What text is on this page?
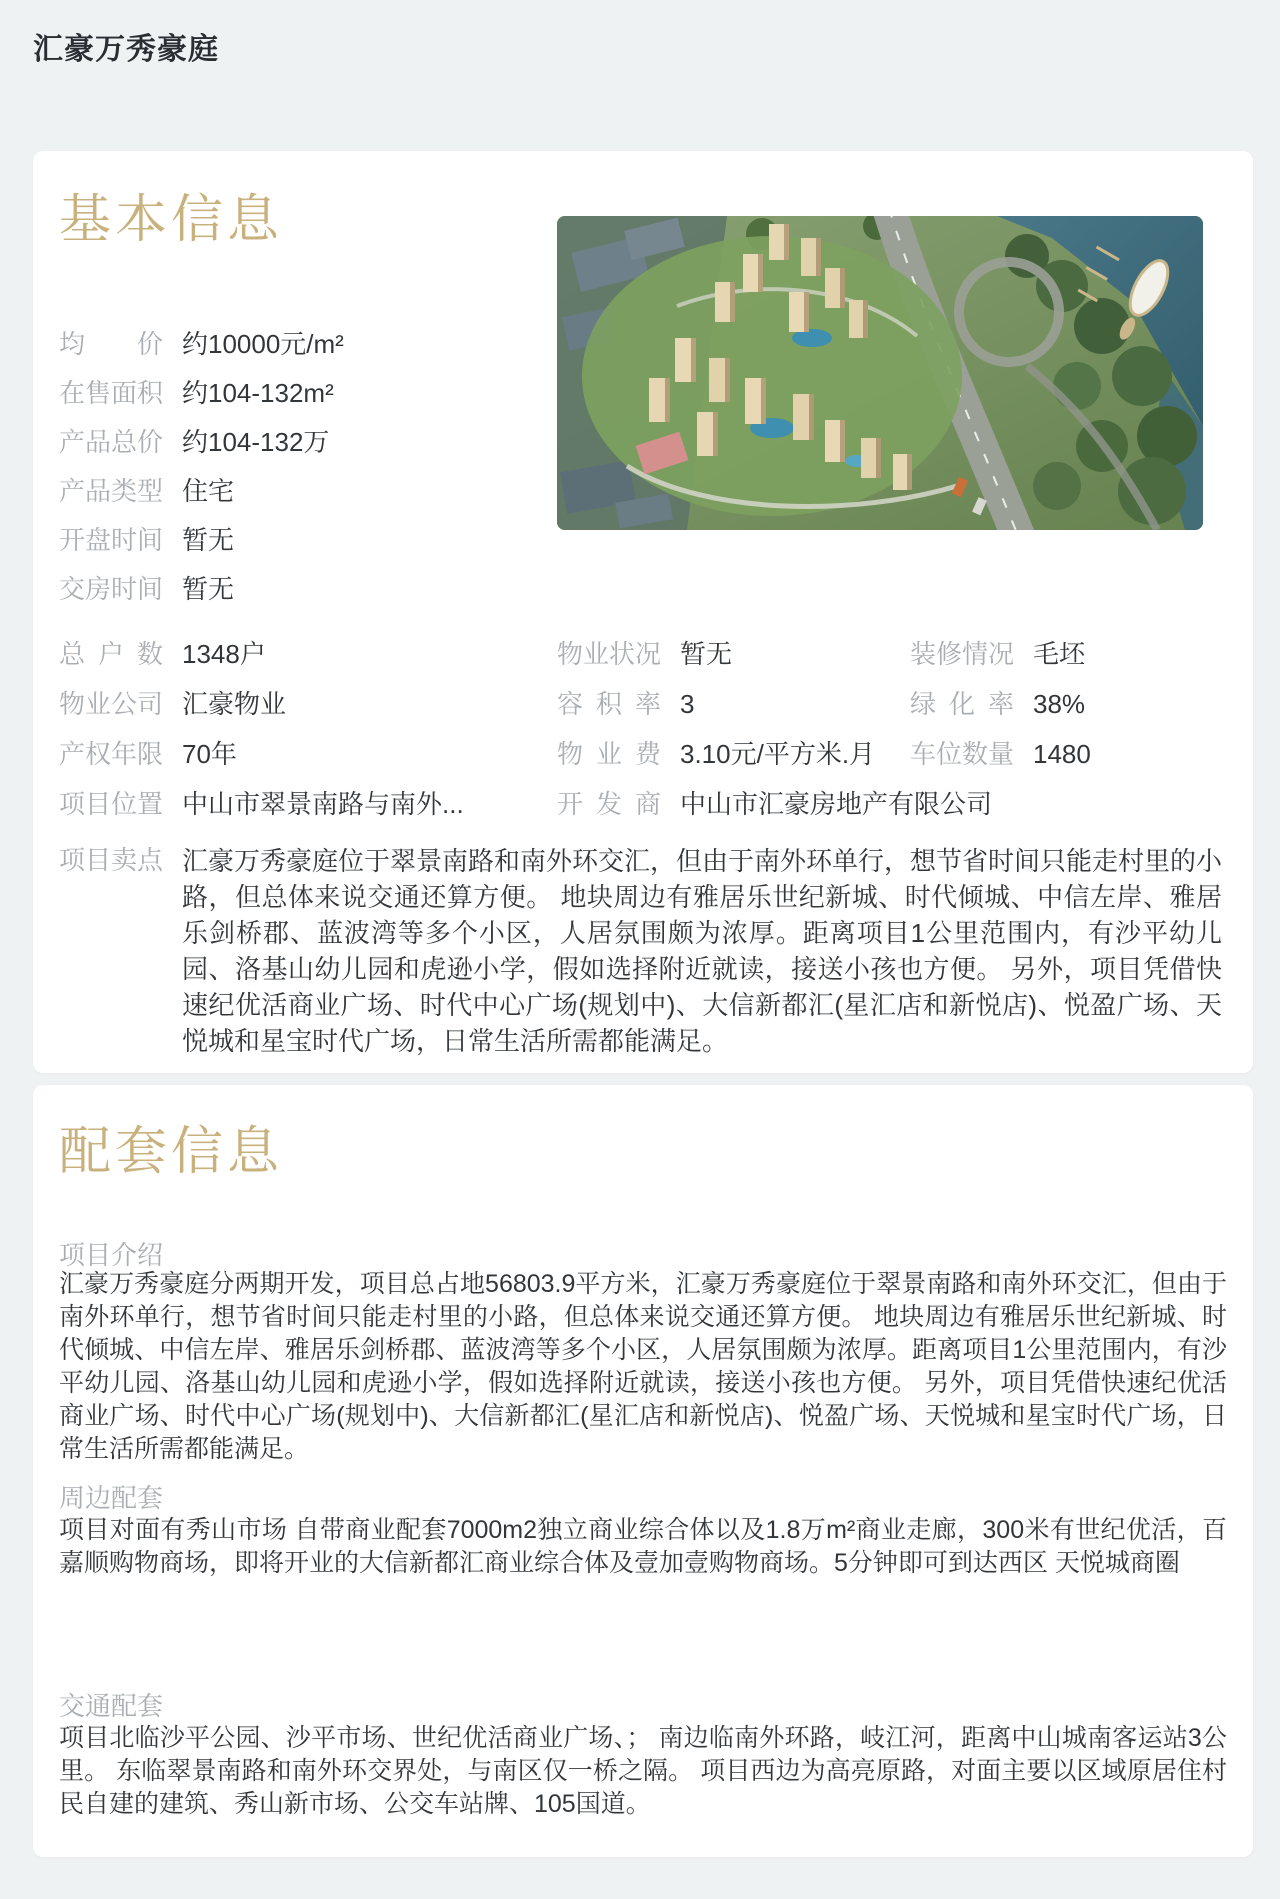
汇豪万秀豪庭
基本信息
均价 约10000元/m²
在售面积 约104-132m²
产品总价 约104-132万
产品类型 住宅
开盘时间 暂无
交房时间 暂无
总户数 1348户	物业状况 暂无	装修情况 毛坯
物业公司 汇豪物业	容积率 3	绿化率 38%
产权年限 70年	物业费 3.10元/平方米.月 车位数量 1480
项目位置 中山市翠景南路与南外...	开发商 中山市汇豪房地产有限公司
项目卖点 汇豪万秀豪庭位于翠景南路和南外环交汇，但由于南外环单行，想节省时间只能走村里的小路，但总体来说交通还算方便。 地块周边有雅居乐世纪新城、时代倾城、中信左岸、雅居乐剑桥郡、蓝波湾等多个小区，人居氛围颇为浓厚。距离项目1公里范围内，有沙平幼儿园、洛基山幼儿园和虎逊小学，假如选择附近就读，接送小孩也方便。 另外，项目凭借快速纪优活商业广场、时代中心广场(规划中)、大信新都汇(星汇店和新悦店)、悦盈广场、天悦城和星宝时代广场，日常生活所需都能满足。
配套信息
项目介绍
汇豪万秀豪庭分两期开发，项目总占地56803.9平方米，汇豪万秀豪庭位于翠景南路和南外环交汇，但由于南外环单行，想节省时间只能走村里的小路，但总体来说交通还算方便。 地块周边有雅居乐世纪新城、时代倾城、中信左岸、雅居乐剑桥郡、蓝波湾等多个小区，人居氛围颇为浓厚。距离项目1公里范围内，有沙平幼儿园、洛基山幼儿园和虎逊小学，假如选择附近就读，接送小孩也方便。 另外，项目凭借快速纪优活商业广场、时代中心广场(规划中)、大信新都汇(星汇店和新悦店)、悦盈广场、天悦城和星宝时代广场，日常生活所需都能满足。
周边配套
项目对面有秀山市场 自带商业配套7000m2独立商业综合体以及1.8万m²商业走廊，300米有世纪优活，百嘉顺购物商场，即将开业的大信新都汇商业综合体及壹加壹购物商场。5分钟即可到达西区 天悦城商圈
交通配套
项目北临沙平公园、沙平市场、世纪优活商业广场、； 南边临南外环路，岐江河，距离中山城南客运站3公里。 东临翠景南路和南外环交界处，与南区仅一桥之隔。 项目西边为高亮原路，对面主要以区域原居住村民自建的建筑、秀山新市场、公交车站牌、105国道。
